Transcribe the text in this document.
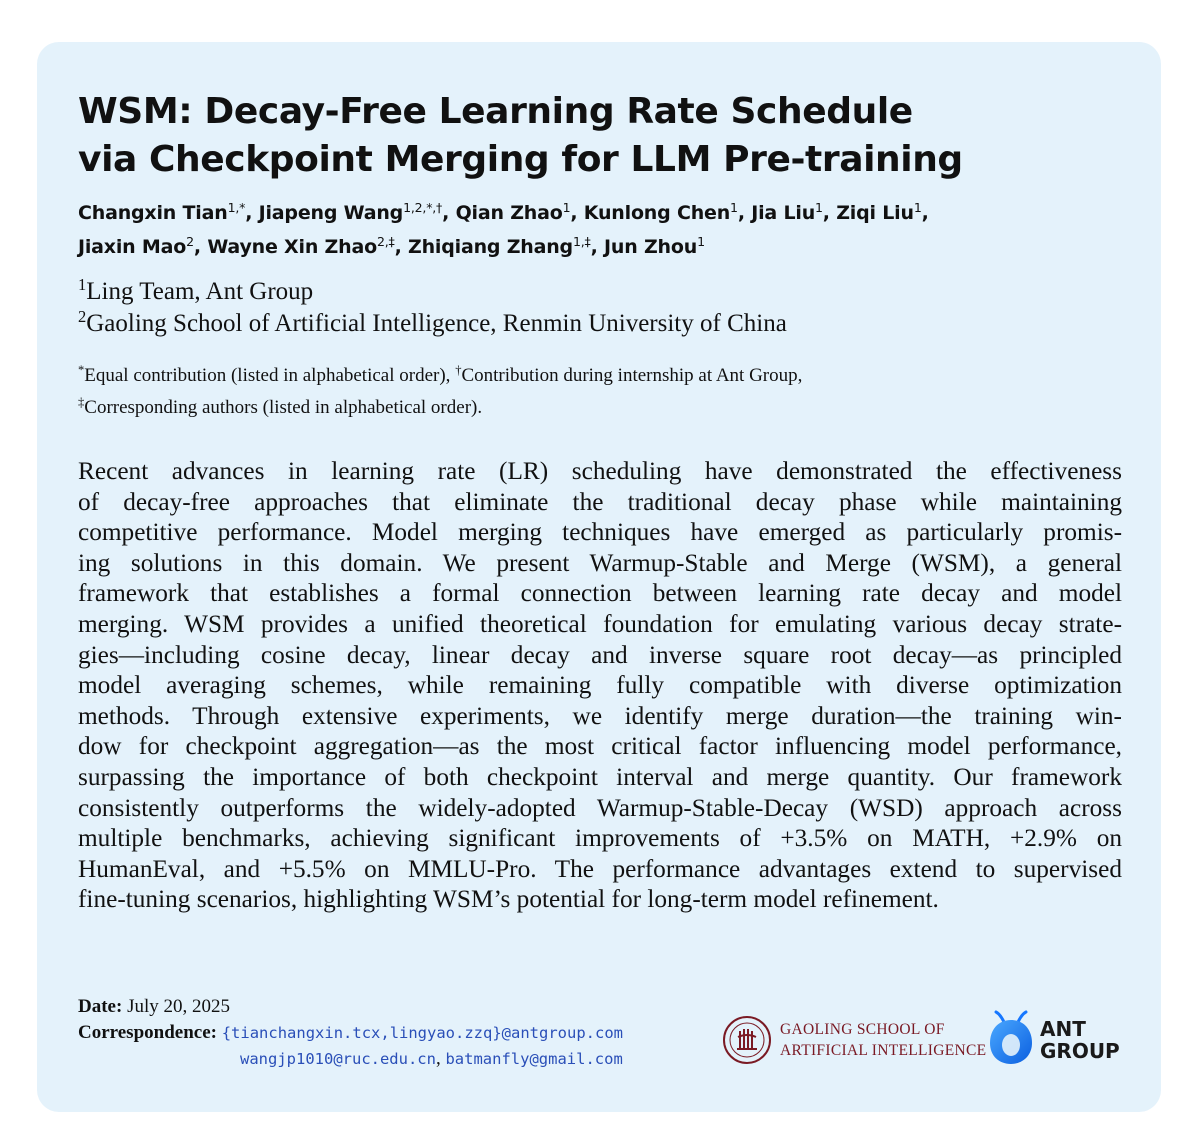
WSM: Decay-Free Learning Rate Schedule
via Checkpoint Merging for LLM Pre-training
Changxin Tian$^{1,*}$, Jiapeng Wang$^{1,2,*,\dagger}$, Qian Zhao$^1$, Kunlong Chen$^1$, Jia Liu$^1$, Ziqi Liu$^1$,
Jiaxin Mao$^2$, Wayne Xin Zhao$^{2,\ddagger}$, Zhiqiang Zhang$^{1,\ddagger}$, Jun Zhou$^1$
$^1$Ling Team, Ant Group
$^2$Gaoling School of Artificial Intelligence, Renmin University of China
*Equal contribution (listed in alphabetical order), †Contribution during internship at Ant Group,
‡Corresponding authors (listed in alphabetical order).
Recent advances in learning rate (LR) scheduling have demonstrated the effectiveness
of decay-free approaches that eliminate the traditional decay phase while maintaining
competitive performance. Model merging techniques have emerged as particularly promis-
ing solutions in this domain. We present Warmup-Stable and Merge (WSM), a general
framework that establishes a formal connection between learning rate decay and model
merging. WSM provides a unified theoretical foundation for emulating various decay strate-
gies—including cosine decay, linear decay and inverse square root decay—as principled
model averaging schemes, while remaining fully compatible with diverse optimization
methods. Through extensive experiments, we identify merge duration—the training win-
dow for checkpoint aggregation—as the most critical factor influencing model performance,
surpassing the importance of both checkpoint interval and merge quantity. Our framework
consistently outperforms the widely-adopted Warmup-Stable-Decay (WSD) approach across
multiple benchmarks, achieving significant improvements of +3.5% on MATH, +2.9% on
HumanEval, and +5.5% on MMLU-Pro. The performance advantages extend to supervised
fine-tuning scenarios, highlighting WSM’s potential for long-term model refinement.
Date: July 20, 2025
Correspondence: {tianchangxin.tcx,lingyao.zzq}@antgroup.com
wangjp1010@ruc.edu.cn, batmanfly@gmail.com
GAOLING SCHOOL OF
ARTIFICIAL INTELLIGENCE
ANT
GROUP
